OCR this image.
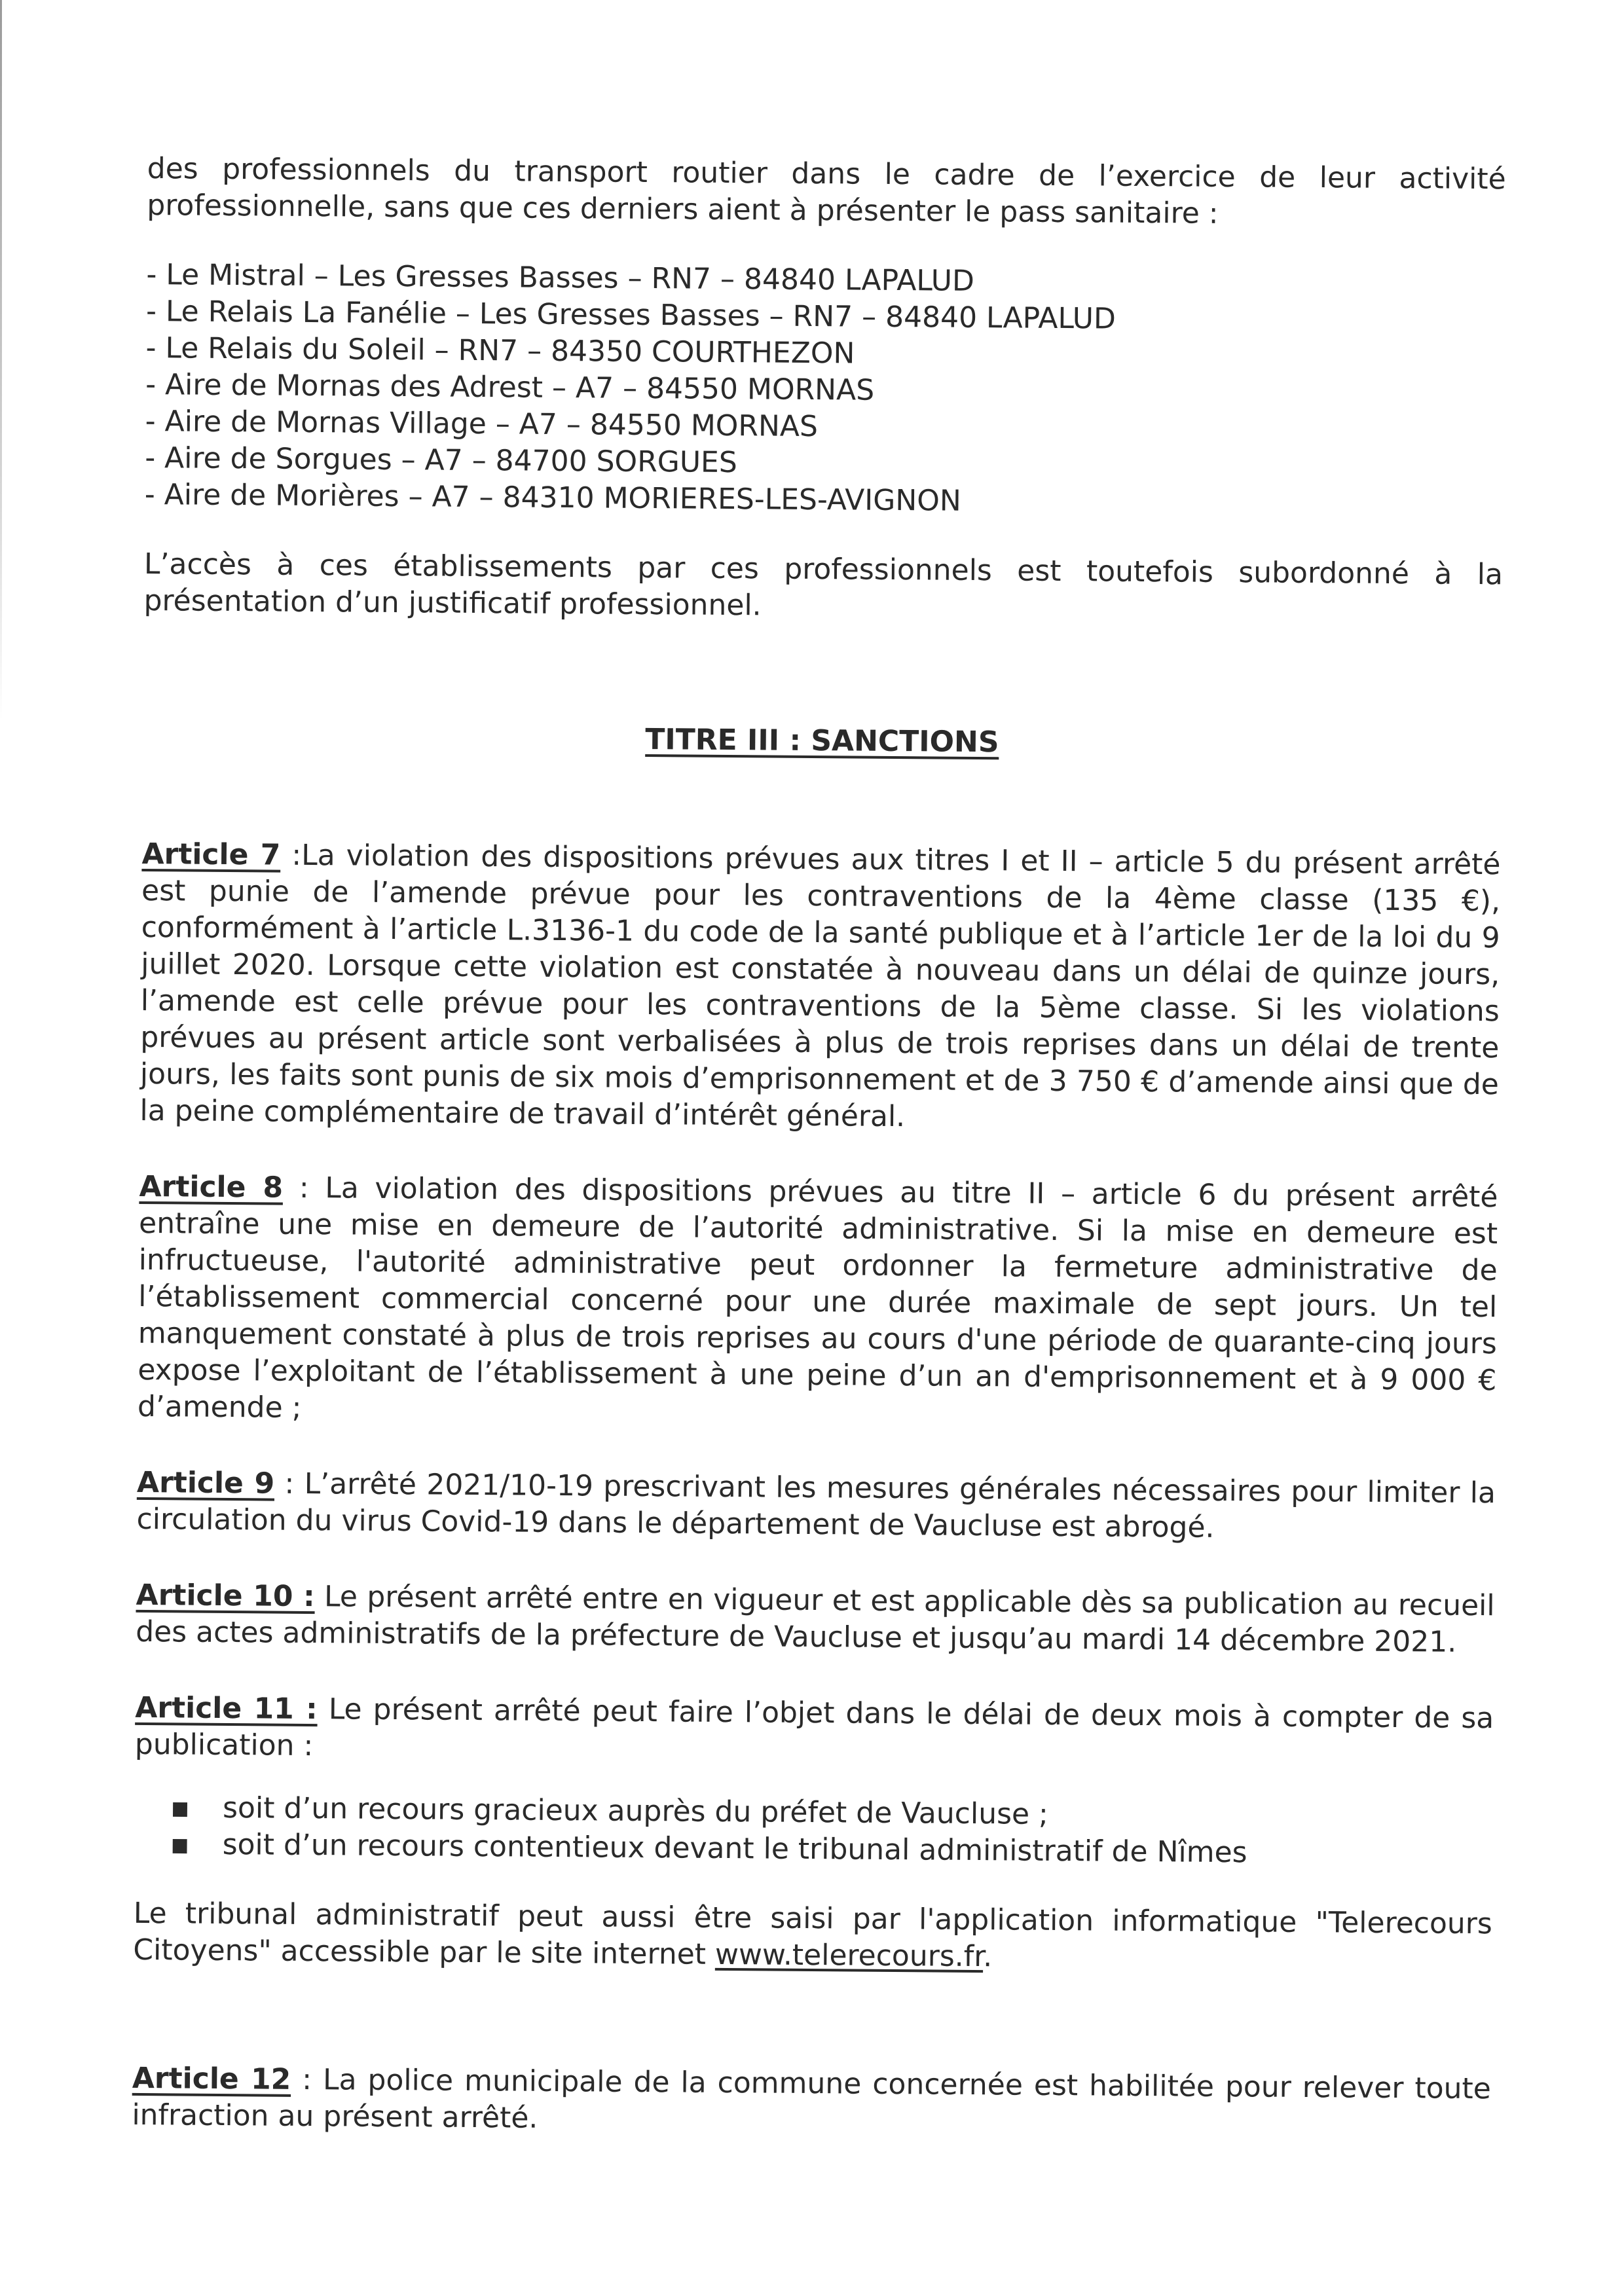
des professionnels du transport routier dans le cadre de l’exercice de leur activité professionnelle, sans que ces derniers aient à présenter le pass sanitaire :

- Le Mistral – Les Gresses Basses – RN7 – 84840 LAPALUD
- Le Relais La Fanélie – Les Gresses Basses – RN7 – 84840 LAPALUD
- Le Relais du Soleil – RN7 – 84350 COURTHEZON
- Aire de Mornas des Adrest – A7 – 84550 MORNAS
- Aire de Mornas Village – A7 – 84550 MORNAS
- Aire de Sorgues – A7 – 84700 SORGUES
- Aire de Morières – A7 – 84310 MORIERES-LES-AVIGNON

L’accès à ces établissements par ces professionnels est toutefois subordonné à la présentation d’un justificatif professionnel.

TITRE III : SANCTIONS

Article 7 :La violation des dispositions prévues aux titres I et II – article 5 du présent arrêté est punie de l’amende prévue pour les contraventions de la 4ème classe (135 €), conformément à l’article L.3136-1 du code de la santé publique et à l’article 1er de la loi du 9 juillet 2020. Lorsque cette violation est constatée à nouveau dans un délai de quinze jours, l’amende est celle prévue pour les contraventions de la 5ème classe. Si les violations prévues au présent article sont verbalisées à plus de trois reprises dans un délai de trente jours, les faits sont punis de six mois d’emprisonnement et de 3 750 € d’amende ainsi que de la peine complémentaire de travail d’intérêt général.

Article 8 : La violation des dispositions prévues au titre II – article 6 du présent arrêté entraîne une mise en demeure de l’autorité administrative. Si la mise en demeure est infructueuse, l'autorité administrative peut ordonner la fermeture administrative de l’établissement commercial concerné pour une durée maximale de sept jours. Un tel manquement constaté à plus de trois reprises au cours d'une période de quarante-cinq jours expose l’exploitant de l’établissement à une peine d’un an d'emprisonnement et à 9 000 € d’amende ;

Article 9 : L’arrêté 2021/10-19 prescrivant les mesures générales nécessaires pour limiter la circulation du virus Covid-19 dans le département de Vaucluse est abrogé.

Article 10 : Le présent arrêté entre en vigueur et est applicable dès sa publication au recueil des actes administratifs de la préfecture de Vaucluse et jusqu’au mardi 14 décembre 2021.

Article 11 : Le présent arrêté peut faire l’objet dans le délai de deux mois à compter de sa publication :

▪ soit d’un recours gracieux auprès du préfet de Vaucluse ;
▪ soit d’un recours contentieux devant le tribunal administratif de Nîmes

Le tribunal administratif peut aussi être saisi par l'application informatique "Telerecours Citoyens" accessible par le site internet www.telerecours.fr.

Article 12 : La police municipale de la commune concernée est habilitée pour relever toute infraction au présent arrêté.
